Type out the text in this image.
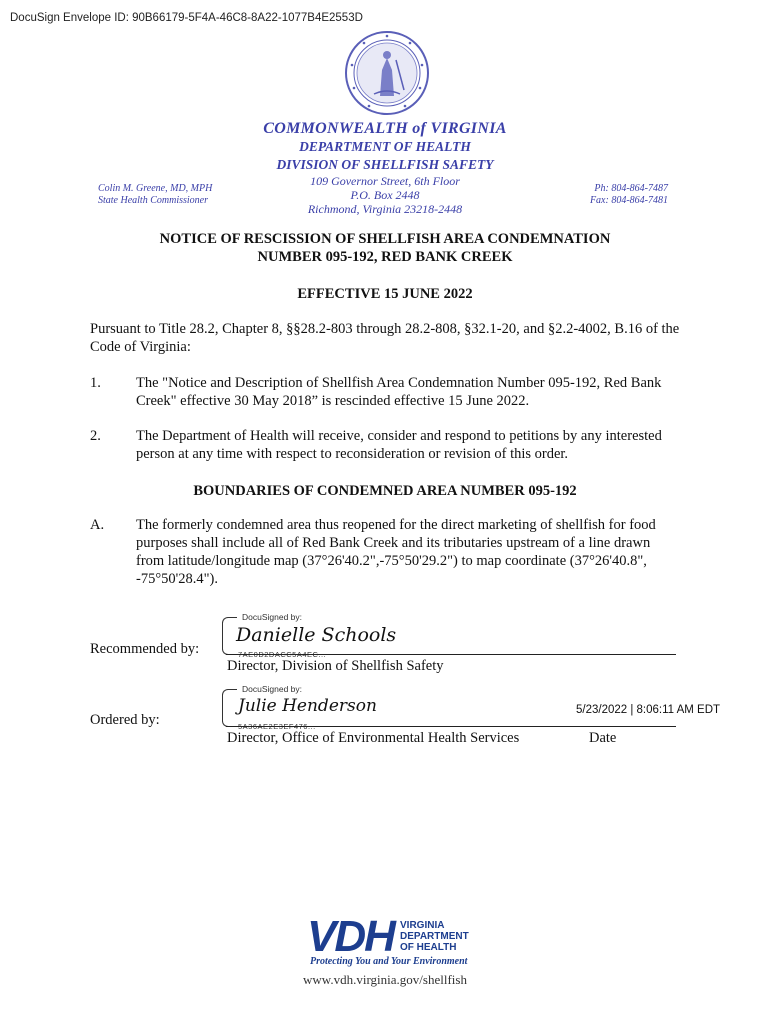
DocuSign Envelope ID: 90B66179-5F4A-46C8-8A22-1077B4E2553D
COMMONWEALTH of VIRGINIA
DEPARTMENT OF HEALTH
DIVISION OF SHELLFISH SAFETY
109 Governor Street, 6th Floor
P.O. Box 2448
Richmond, Virginia 23218-2448
Colin M. Greene, MD, MPH
State Health Commissioner
Ph: 804-864-7487
Fax: 804-864-7481
NOTICE OF RESCISSION OF SHELLFISH AREA CONDEMNATION
NUMBER 095-192, RED BANK CREEK
EFFECTIVE 15 JUNE 2022
Pursuant to Title 28.2, Chapter 8, §§28.2-803 through 28.2-808, §32.1-20, and §2.2-4002, B.16 of the Code of Virginia:
1. The "Notice and Description of Shellfish Area Condemnation Number 095-192, Red Bank Creek" effective 30 May 2018” is rescinded effective 15 June 2022.
2. The Department of Health will receive, consider and respond to petitions by any interested person at any time with respect to reconsideration or revision of this order.
BOUNDARIES OF CONDEMNED AREA NUMBER 095-192
A. The formerly condemned area thus reopened for the direct marketing of shellfish for food purposes shall include all of Red Bank Creek and its tributaries upstream of a line drawn from latitude/longitude map (37°26'40.2",-75°50'29.2") to map coordinate (37°26'40.8", -75°50'28.4").
DocuSigned by:
Danielle Schools
7AE0D2DACC5A4EC...
Recommended by:
Director, Division of Shellfish Safety
DocuSigned by:
Julie Henderson
5A36AE2E3EF476...
Ordered by:
Director, Office of Environmental Health Services
5/23/2022 | 8:06:11 AM EDT
Date
VDH VIRGINIA
DEPARTMENT
OF HEALTH
Protecting You and Your Environment
www.vdh.virginia.gov/shellfish
